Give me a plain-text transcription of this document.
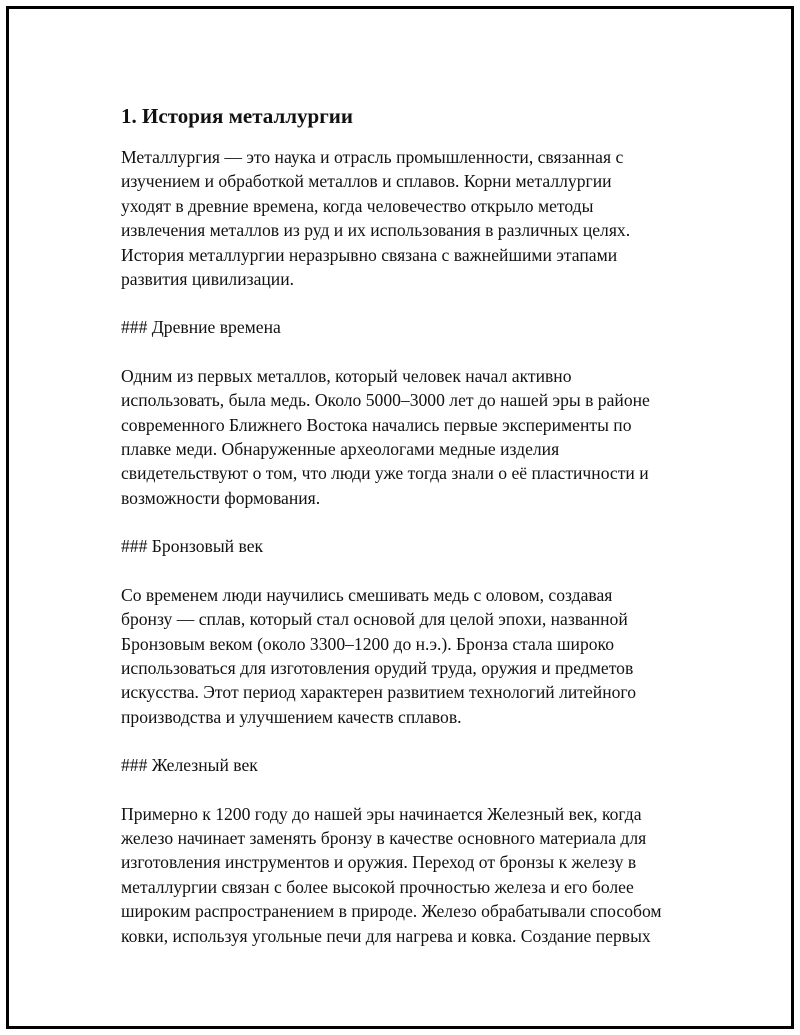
1. История металлургии
Металлургия — это наука и отрасль промышленности, связанная с
изучением и обработкой металлов и сплавов. Корни металлургии
уходят в древние времена, когда человечество открыло методы
извлечения металлов из руд и их использования в различных целях.
История металлургии неразрывно связана с важнейшими этапами
развития цивилизации.
### Древние времена
Одним из первых металлов, который человек начал активно
использовать, была медь. Около 5000–3000 лет до нашей эры в районе
современного Ближнего Востока начались первые эксперименты по
плавке меди. Обнаруженные археологами медные изделия
свидетельствуют о том, что люди уже тогда знали о её пластичности и
возможности формования.
### Бронзовый век
Со временем люди научились смешивать медь с оловом, создавая
бронзу — сплав, который стал основой для целой эпохи, названной
Бронзовым веком (около 3300–1200 до н.э.). Бронза стала широко
использоваться для изготовления орудий труда, оружия и предметов
искусства. Этот период характерен развитием технологий литейного
производства и улучшением качеств сплавов.
### Железный век
Примерно к 1200 году до нашей эры начинается Железный век, когда
железо начинает заменять бронзу в качестве основного материала для
изготовления инструментов и оружия. Переход от бронзы к железу в
металлургии связан с более высокой прочностью железа и его более
широким распространением в природе. Железо обрабатывали способом
ковки, используя угольные печи для нагрева и ковка. Создание первых
